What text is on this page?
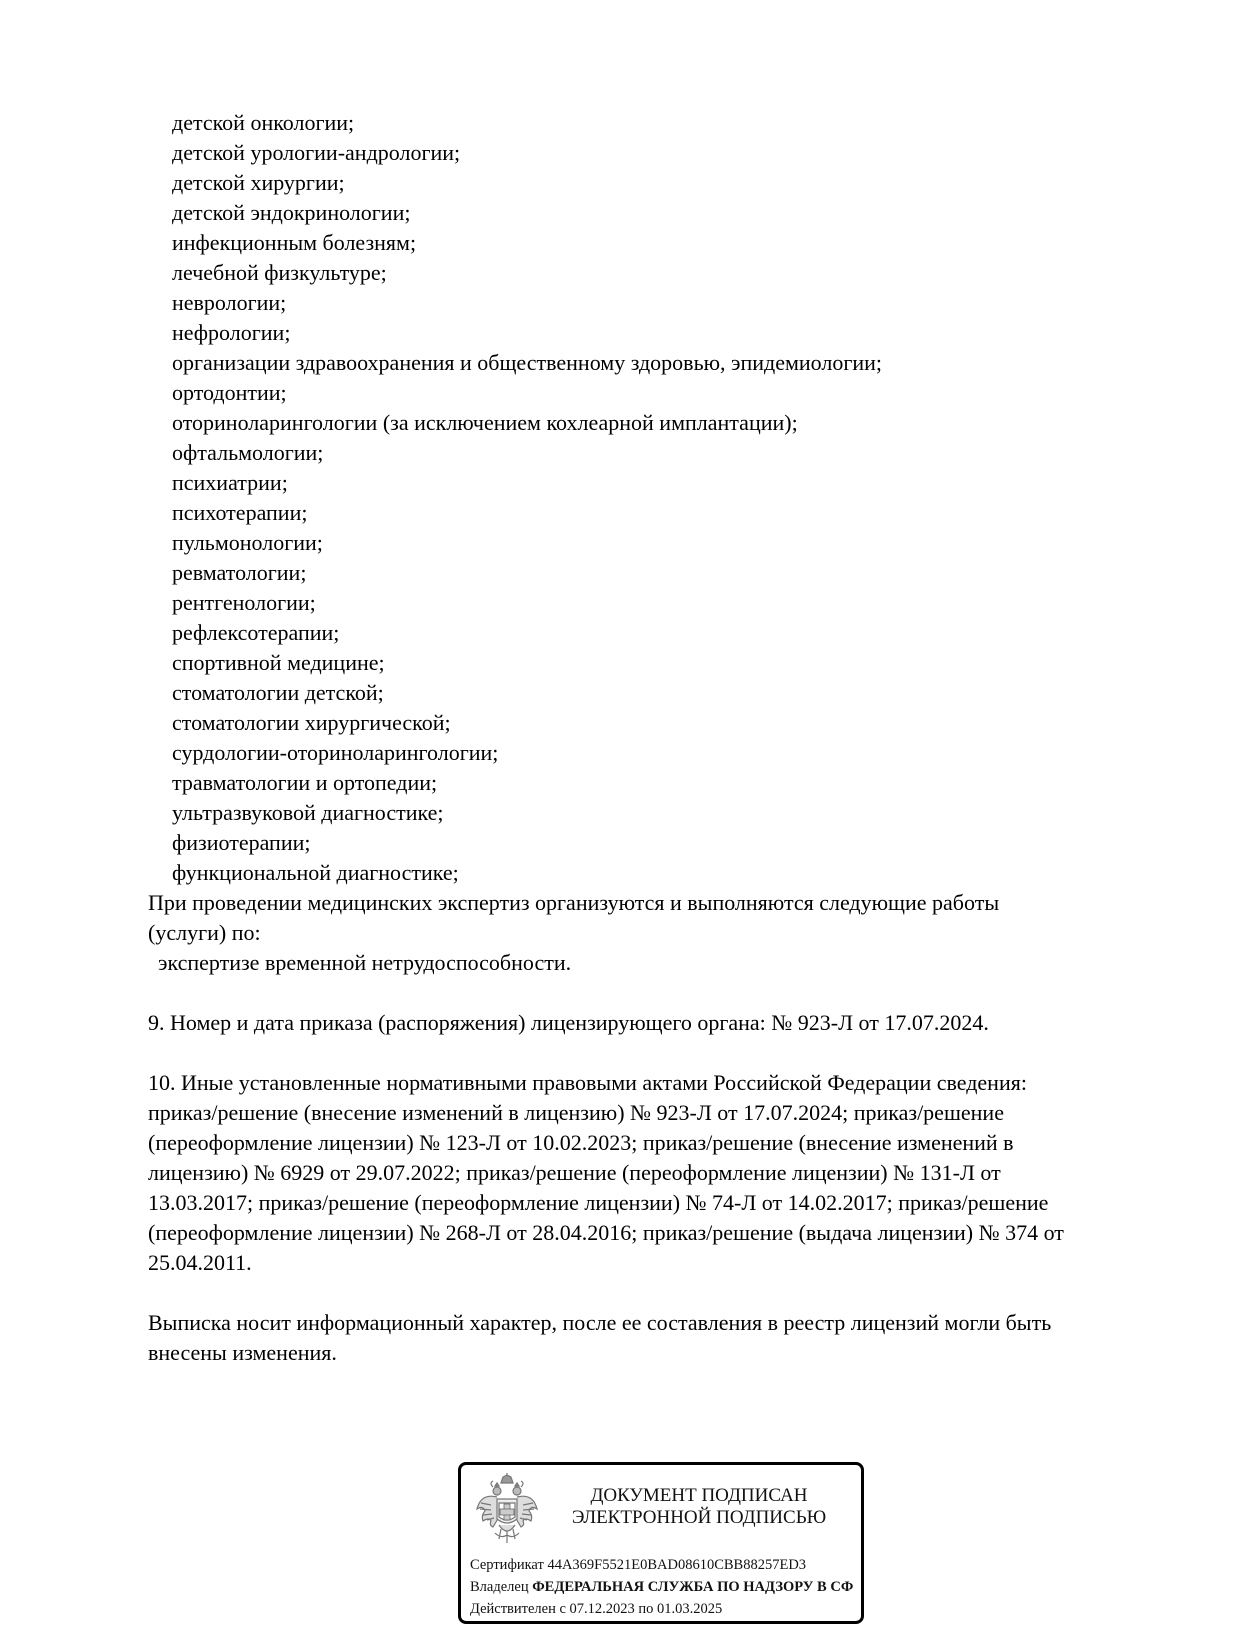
детской онкологии;
детской урологии-андрологии;
детской хирургии;
детской эндокринологии;
инфекционным болезням;
лечебной физкультуре;
неврологии;
нефрологии;
организации здравоохранения и общественному здоровью, эпидемиологии;
ортодонтии;
оториноларингологии (за исключением кохлеарной имплантации);
офтальмологии;
психиатрии;
психотерапии;
пульмонологии;
ревматологии;
рентгенологии;
рефлексотерапии;
спортивной медицине;
стоматологии детской;
стоматологии хирургической;
сурдологии-оториноларингологии;
травматологии и ортопедии;
ультразвуковой диагностике;
физиотерапии;
функциональной диагностике;

При проведении медицинских экспертиз организуются и выполняются следующие работы
(услуги) по:

экспертизе временной нетрудоспособности.
9. Номер и дата приказа (распоряжения) лицензирующего органа: № 923-Л от 17.07.2024.

10. Иные установленные нормативными правовыми актами Российской Федерации сведения:
приказ/решение (внесение изменений в лицензию) № 923-Л от 17.07.2024; приказ/решение
(переоформление лицензии) № 123-Л от 10.02.2023; приказ/решение (внесение изменений в
лицензию) № 6929 от 29.07.2022; приказ/решение (переоформление лицензии) № 131-Л от
13.03.2017; приказ/решение (переоформление лицензии) № 74-Л от 14.02.2017; приказ/решение
(переоформление лицензии) № 268-Л от 28.04.2016; приказ/решение (выдача лицензии) № 374 от
25.04.2011.

Выписка носит информационный характер, после ее составления в реестр лицензий могли быть
внесены изменения.

ДОКУМЕНТ ПОДПИСАН
ЭЛЕКТРОННОЙ ПОДПИСЬЮ
Сертификат 44A369F5521E0BAD08610CBB88257ED3
Владелец ФЕДЕРАЛЬНАЯ СЛУЖБА ПО НАДЗОРУ В СФ
Действителен с 07.12.2023 по 01.03.2025
